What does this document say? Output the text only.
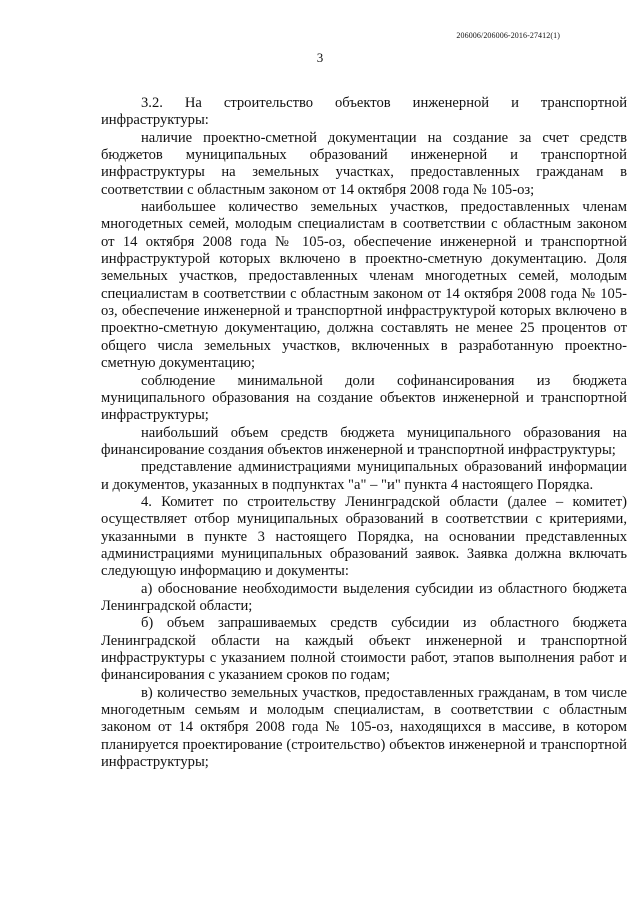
206006/206006-2016-27412(1)
3

3.2. На строительство объектов инженерной и транспортной инфраструктуры:

наличие проектно-сметной документации на создание за счет средств бюджетов муниципальных образований инженерной и транспортной инфраструктуры на земельных участках, предоставленных гражданам в соответствии с областным законом от 14 октября 2008 года № 105-оз;

наибольшее количество земельных участков, предоставленных членам многодетных семей, молодым специалистам в соответствии с областным законом от 14 октября 2008 года № 105-оз, обеспечение инженерной и транспортной инфраструктурой которых включено в проектно-сметную документацию. Доля земельных участков, предоставленных членам многодетных семей, молодым специалистам в соответствии с областным законом от 14 октября 2008 года № 105-оз, обеспечение инженерной и транспортной инфраструктурой которых включено в проектно-сметную документацию, должна составлять не менее 25 процентов от общего числа земельных участков, включенных в разработанную проектно-сметную документацию;

соблюдение минимальной доли софинансирования из бюджета муниципального образования на создание объектов инженерной и транспортной инфраструктуры;

наибольший объем средств бюджета муниципального образования на финансирование создания объектов инженерной и транспортной инфраструктуры;

представление администрациями муниципальных образований информации и документов, указанных в подпунктах "а" – "и" пункта 4 настоящего Порядка.

4. Комитет по строительству Ленинградской области (далее – комитет) осуществляет отбор муниципальных образований в соответствии с критериями, указанными в пункте 3 настоящего Порядка, на основании представленных администрациями муниципальных образований заявок. Заявка должна включать следующую информацию и документы:

а) обоснование необходимости выделения субсидии из областного бюджета Ленинградской области;

б) объем запрашиваемых средств субсидии из областного бюджета Ленинградской области на каждый объект инженерной и транспортной инфраструктуры с указанием полной стоимости работ, этапов выполнения работ и финансирования с указанием сроков по годам;

в) количество земельных участков, предоставленных гражданам, в том числе многодетным семьям и молодым специалистам, в соответствии с областным законом от 14 октября 2008 года № 105-оз, находящихся в массиве, в котором планируется проектирование (строительство) объектов инженерной и транспортной инфраструктуры;
